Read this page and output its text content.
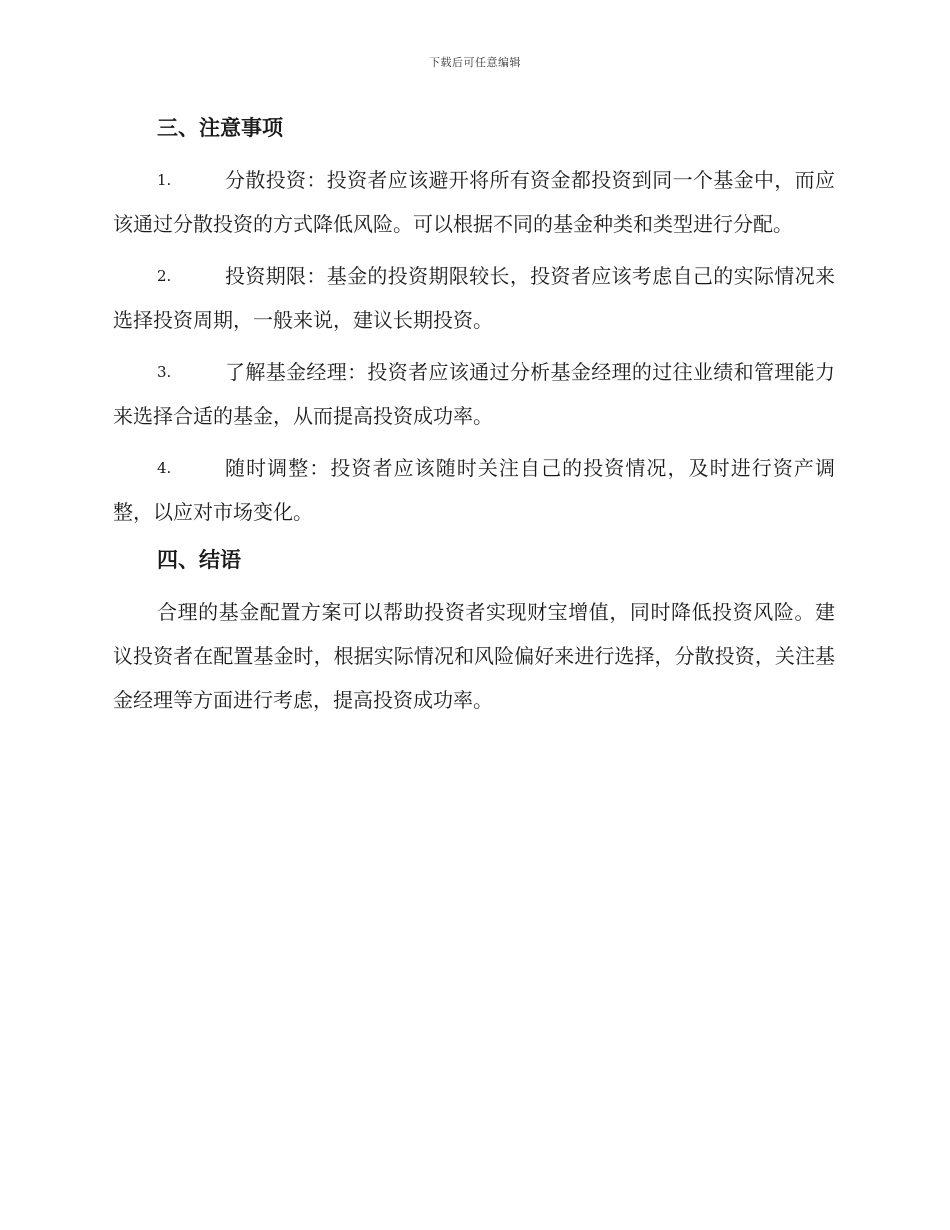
下载后可任意编辑
三、注意事项
1.	分散投资：投资者应该避开将所有资金都投资到同一个基金中，而应该通过分散投资的方式降低风险。可以根据不同的基金种类和类型进行分配。
2.	投资期限：基金的投资期限较长，投资者应该考虑自己的实际情况来选择投资周期，一般来说，建议长期投资。
3.	了解基金经理：投资者应该通过分析基金经理的过往业绩和管理能力来选择合适的基金，从而提高投资成功率。
4.	随时调整：投资者应该随时关注自己的投资情况，及时进行资产调整，以应对市场变化。
四、结语

合理的基金配置方案可以帮助投资者实现财宝增值，同时降低投资风险。建议投资者在配置基金时，根据实际情况和风险偏好来进行选择，分散投资，关注基金经理等方面进行考虑，提高投资成功率。
